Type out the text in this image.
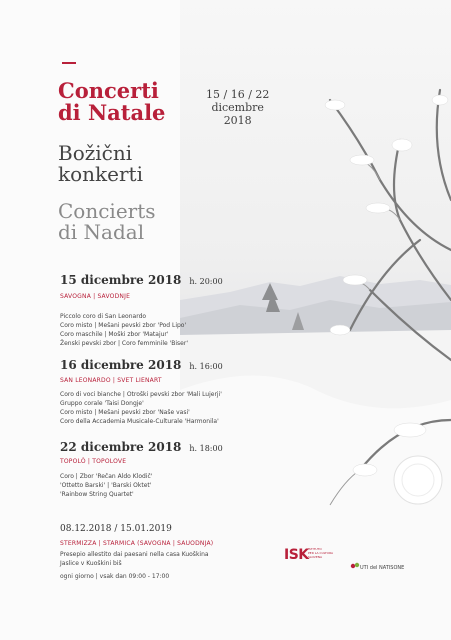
Concerti
di Natale

Božični
konkerti

Concierts
di Nadal

15 / 16 / 22
dicembre
2018

15 dicembre 2018 h. 20:00

SAVOGNA | SAVODNJE

Piccolo coro di San Leonardo

Coro misto | Mešani pevski zbor 'Pod Lipo'

Coro maschile | Moški zbor 'Matajur'

Ženski pevski zbor | Coro femminile 'Biser'

16 dicembre 2018 h. 16:00

SAN LEONARDO | SVET LIENART

Coro di voci bianche | Otroški pevski zbor 'Mali Lujerji'

Gruppo corale 'Taisi Dongje'

Coro misto | Mešani pevski zbor 'Naše vasi'

Coro della Accademia Musicale-Culturale 'Harmonila'

22 dicembre 2018 h. 18:00

TOPOLÒ | TOPOLOVE

Coro | Zbor 'Rečan Aldo Klodič'

'Ottetto Barski' | 'Barski Oktet'

'Rainbow String Quartet'

08.12.2018 / 15.01.2019

STERMIZZA | STARMICA (SAVOGNA | SAUODNJA)

Presepio allestito dai paesani nella casa Kuoškina

Jaslice v Kuoškini biš

ogni giorno | vsak dan 09:00 - 17:00

ISK ISTITUTO
PER LA CULTURA
SLOVENA
UTI del NATISONE
